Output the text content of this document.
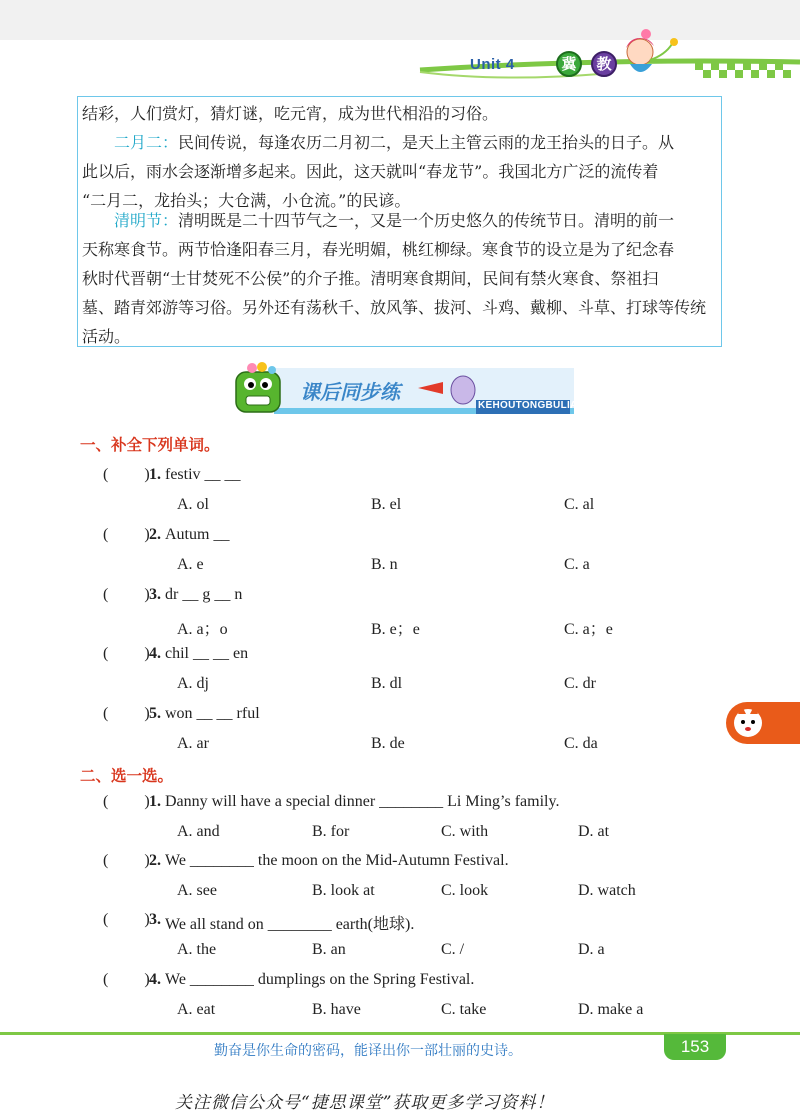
Unit 4	冀	教

结彩，人们赏灯，猜灯谜，吃元宵，成为世代相沿的习俗。

二月二：民间传说，每逢农历二月初二，是天上主管云雨的龙王抬头的日子。从

此以后，雨水会逐渐增多起来。因此，这天就叫“春龙节”。我国北方广泛的流传着

“二月二，龙抬头；大仓满，小仓流。”的民谚。

清明节：清明既是二十四节气之一，又是一个历史悠久的传统节日。清明的前一

天称寒食节。两节恰逢阳春三月，春光明媚，桃红柳绿。寒食节的设立是为了纪念春

秋时代晋朝“士甘焚死不公侯”的介子推。清明寒食期间，民间有禁火寒食、祭祖扫

墓、踏青郊游等习俗。另外还有荡秋千、放风筝、拔河、斗鸡、戴柳、斗草、打球等传统

活动。

课后同步练
KEHOUTONGBULIAN
一、补全下列单词。
( ) 1. festiv __ __
A. ol	B. el	C. al
( ) 2. Autum __
A. e	B. n	C. a
( ) 3. dr __ g __ n
A. a；o	B. e；e	C. a；e
( ) 4. chil __ __ en
A. dj	B. dl	C. dr
( ) 5. won __ __ rful
A. ar	B. de	C. da
二、选一选。
( ) 1. Danny will have a special dinner ________ Li Ming’s family.
A. and	B. for	C. with	D. at
( ) 2. We ________ the moon on the Mid-Autumn Festival.
A. see	B. look at	C. look	D. watch
( ) 3. We all stand on ________ earth(地球).
A. the	B. an	C. /	D. a
( ) 4. We ________ dumplings on the Spring Festival.
A. eat	B. have	C. take	D. make a
勤奋是你生命的密码，能译出你一部壮丽的史诗。	153
关注微信公众号“捷思课堂”获取更多学习资料！
